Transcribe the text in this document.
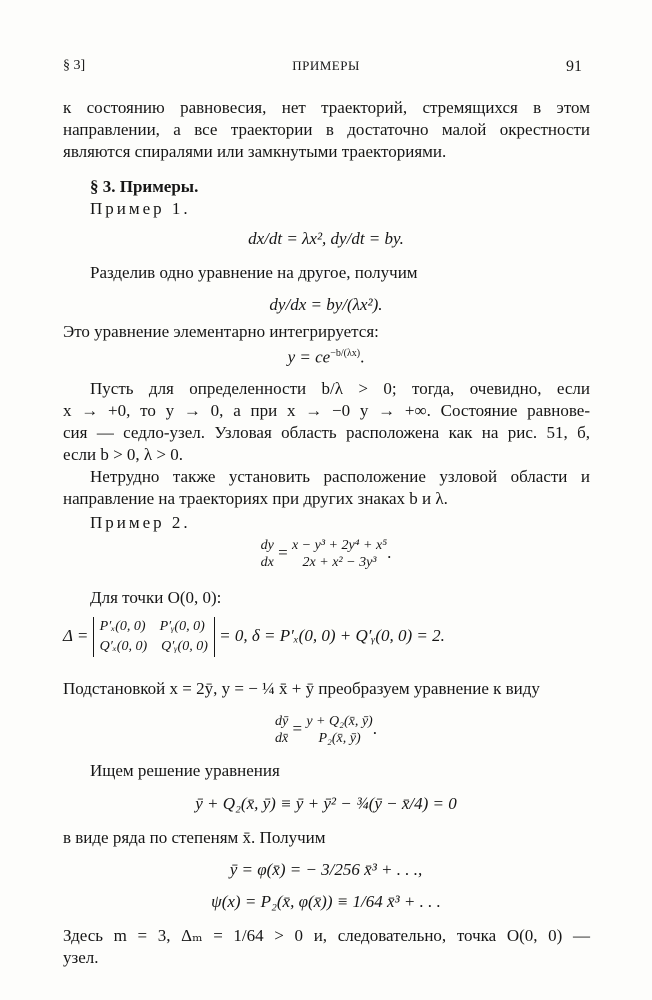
§ 3]	ПРИМЕРЫ	91
к состоянию равновесия, нет траекторий, стремящихся в этом
направлении, а все траектории в достаточно малой окрестности
являются спиралями или замкнутыми траекториями.
§ 3. Примеры.
Пример 1.
dx/dt = λx², dy/dt = by.
Разделив одно уравнение на другое, получим
dy/dx = by/(λx²).
Это уравнение элементарно интегрируется:
$y = ce^{-b/(\lambda x)}$.
Пусть для определенности b/λ > 0; тогда, очевидно, если
x → +0, то y → 0, а при x → −0 y → +∞. Состояние равнове-
сия — седло-узел. Узловая область расположена как на рис. 51, б,
если b > 0, λ > 0.
Нетрудно также установить расположение узловой области и
направление на траекториях при других знаках b и λ.
Пример 2.
dy
dx
= x − y³ + 2y⁴ + x⁵
2x + x² − 3y³
.
Для точки O(0, 0):
Δ = P′ₓ(0, 0) P′ᵧ(0, 0)
Q′ₓ(0, 0) Q′ᵧ(0, 0)
= 0, δ = P′ₓ(0, 0) + Q′ᵧ(0, 0) = 2.
Подстановкой x = 2ȳ, y = − ¼ x̄ + ȳ преобразуем уравнение к виду
dȳ
dx̄
= y + Q₂(x̄, ȳ)
P₂(x̄, ȳ)
.
Ищем решение уравнения
ȳ + Q₂(x̄, ȳ) ≡ ȳ + ȳ² − ¾(ȳ − x̄/4) = 0
в виде ряда по степеням x̄. Получим
ȳ = φ(x̄) = − 3/256 x̄³ + . . .,
ψ(x) = P₂(x̄, φ(x̄)) ≡ 1/64 x̄³ + . . .
Здесь m = 3, Δₘ = 1/64 > 0 и, следовательно, точка O(0, 0) —
узел.
